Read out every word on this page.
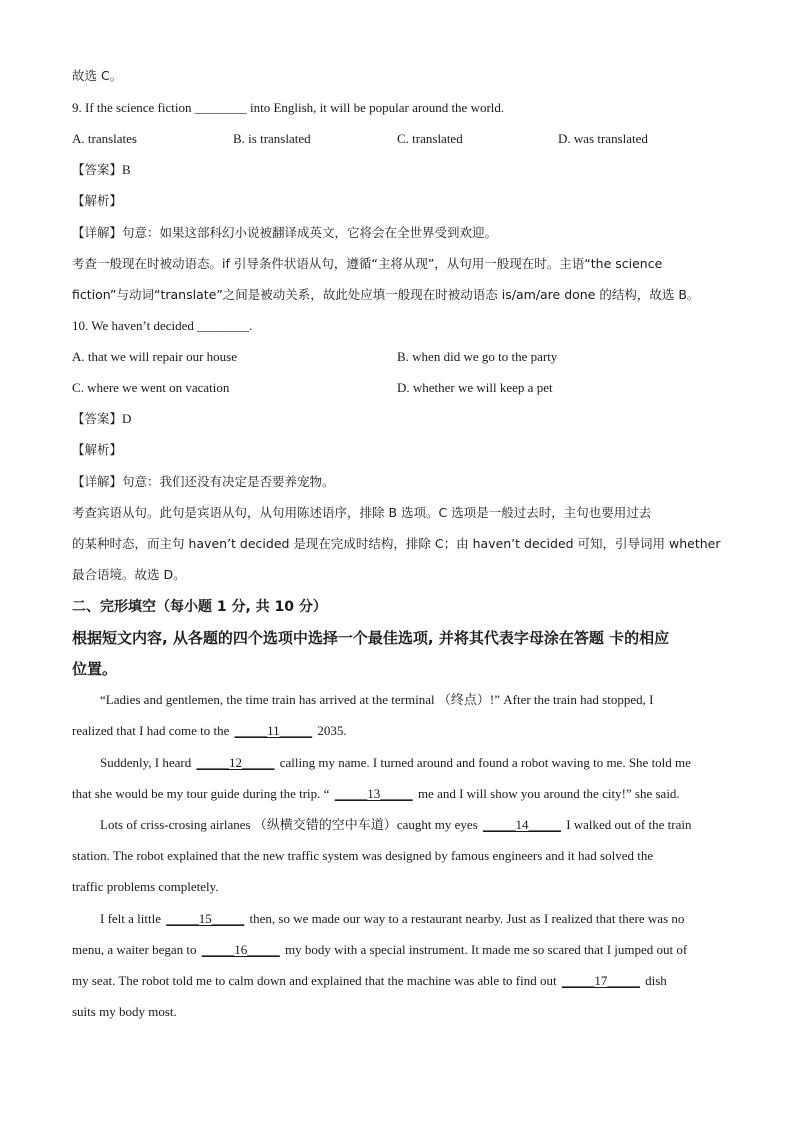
故选 C。
9. If the science fiction ________ into English, it will be popular around the world.
A. translates	B. is translated	C. translated	D. was translated
【答案】B
【解析】
【详解】句意：如果这部科幻小说被翻译成英文，它将会在全世界受到欢迎。
考查一般现在时被动语态。if 引导条件状语从句，遵循“主将从现”，从句用一般现在时。主语“the science
fiction”与动词“translate”之间是被动关系，故此处应填一般现在时被动语态 is/am/are done 的结构，故选 B。
10. We haven’t decided ________.
A. that we will repair our house	B. when did we go to the party
C. where we went on vacation	D. whether we will keep a pet
【答案】D
【解析】
【详解】句意：我们还没有决定是否要养宠物。
考查宾语从句。此句是宾语从句，从句用陈述语序，排除 B 选项。C 选项是一般过去时，主句也要用过去
的某种时态，而主句 haven’t decided 是现在完成时结构，排除 C；由 haven’t decided 可知，引导词用 whether
最合语境。故选 D。
二、完形填空（每小题 1 分, 共 10 分）
根据短文内容, 从各题的四个选项中选择一个最佳选项, 并将其代表字母涂在答题 卡的相应
位置。
“Ladies and gentlemen, the time train has arrived at the terminal （终点）!” After the train had stopped, I
realized that I had come to the _____11_____ 2035.
Suddenly, I heard _____12_____ calling my name. I turned around and found a robot waving to me. She told me
that she would be my tour guide during the trip. “ _____13_____ me and I will show you around the city!” she said.
Lots of criss-crosing airlanes （纵横交错的空中车道）caught my eyes _____14_____ I walked out of the train
station. The robot explained that the new traffic system was designed by famous engineers and it had solved the
traffic problems completely.
I felt a little _____15_____ then, so we made our way to a restaurant nearby. Just as I realized that there was no
menu, a waiter began to _____16_____ my body with a special instrument. It made me so scared that I jumped out of
my seat. The robot told me to calm down and explained that the machine was able to find out _____17_____ dish
suits my body most.
